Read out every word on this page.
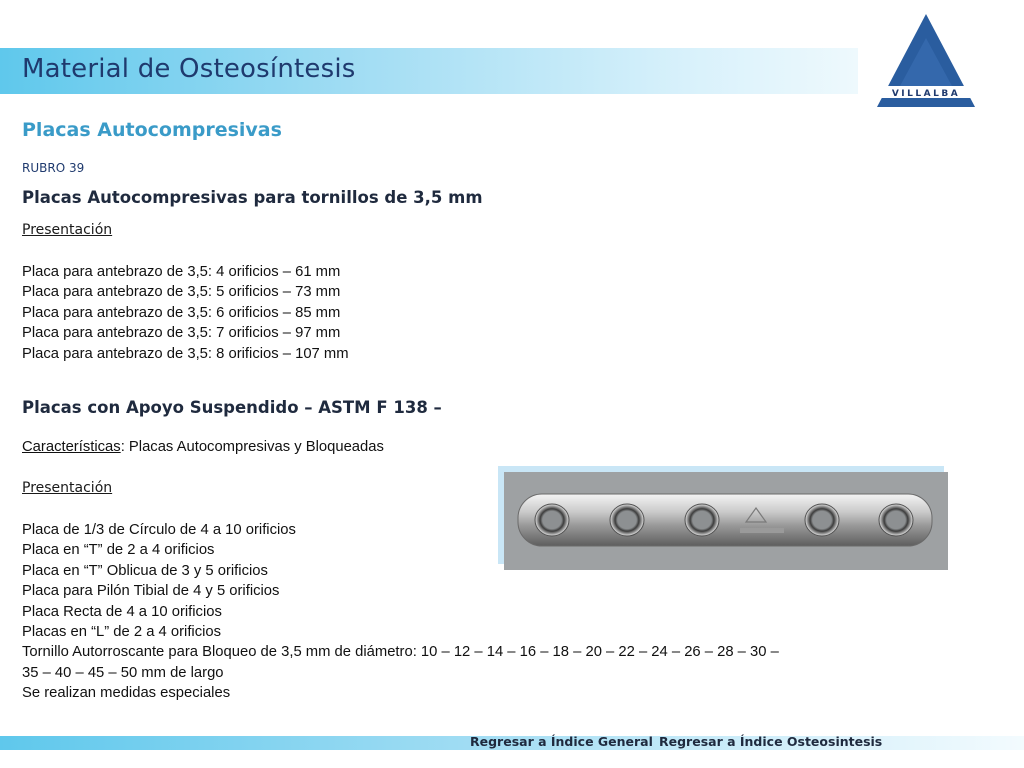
Material de Osteosíntesis
VILLALBA
Placas Autocompresivas
RUBRO 39
Placas Autocompresivas para tornillos de 3,5 mm
Presentación
Placa para antebrazo de 3,5: 4 orificios – 61 mm
Placa para antebrazo de 3,5: 5 orificios – 73 mm
Placa para antebrazo de 3,5: 6 orificios – 85 mm
Placa para antebrazo de 3,5: 7 orificios – 97 mm
Placa para antebrazo de 3,5: 8 orificios – 107 mm
Placas con Apoyo Suspendido – ASTM F 138 –
Características: Placas Autocompresivas y Bloqueadas
Presentación
Placa de 1/3 de Círculo de 4 a 10 orificios
Placa en “T” de 2 a 4 orificios
Placa en “T” Oblicua de 3 y 5 orificios
Placa para Pilón Tibial de 4 y 5 orificios
Placa Recta de 4 a 10 orificios
Placas en “L” de 2 a 4 orificios
Tornillo Autorroscante para Bloqueo de 3,5 mm de diámetro: 10 – 12 – 14 – 16 – 18 – 20 – 22 – 24 – 26 – 28 – 30 –
35 – 40 – 45 – 50 mm de largo
Se realizan medidas especiales
Regresar a Índice General Regresar a Índice Osteosintesis
